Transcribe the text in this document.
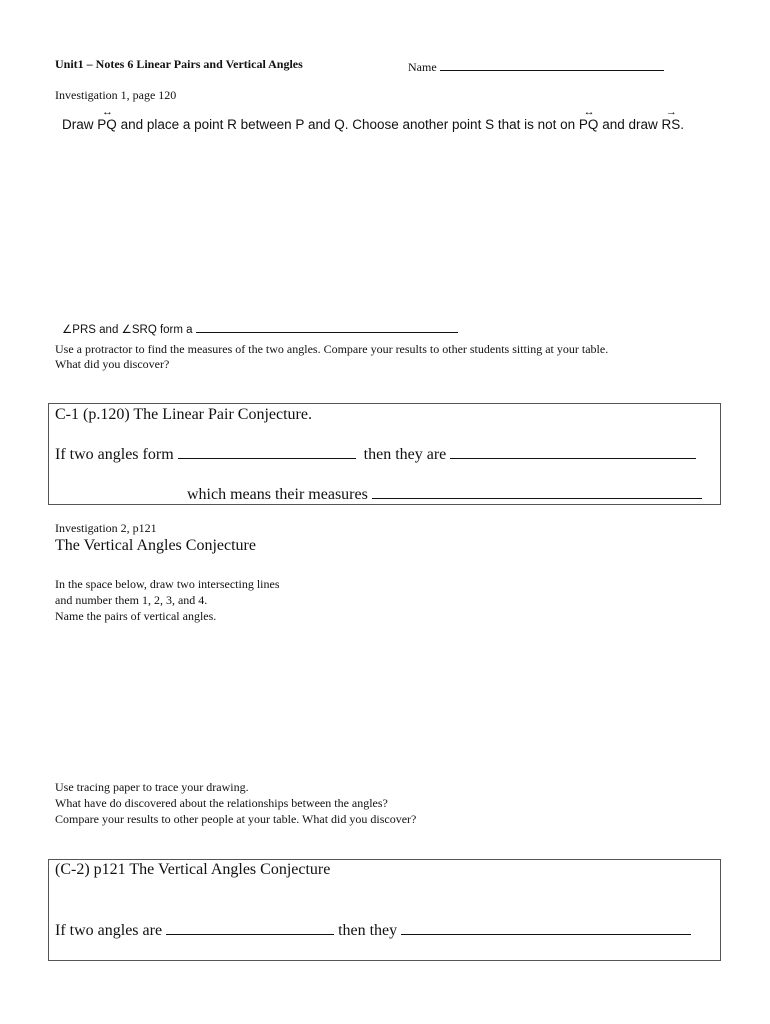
Unit1 – Notes 6 Linear Pairs and Vertical Angles	Name
Investigation 1, page 120
Draw
↔
PQ and place a point R between P and Q. Choose another point S that is not on
↔
PQ and draw
→
RS.
∠PRS and ∠SRQ form a
Use a protractor to find the measures of the two angles. Compare your results to other students sitting at your table.
What did you discover?
C-1 (p.120) The Linear Pair Conjecture.
If two angles form	then they are
which means their measures
Investigation 2, p121
The Vertical Angles Conjecture
In the space below, draw two intersecting lines
and number them 1, 2, 3, and 4.
Name the pairs of vertical angles.
Use tracing paper to trace your drawing.
What have do discovered about the relationships between the angles?
Compare your results to other people at your table. What did you discover?
(C-2) p121 The Vertical Angles Conjecture
If two angles are	then they
